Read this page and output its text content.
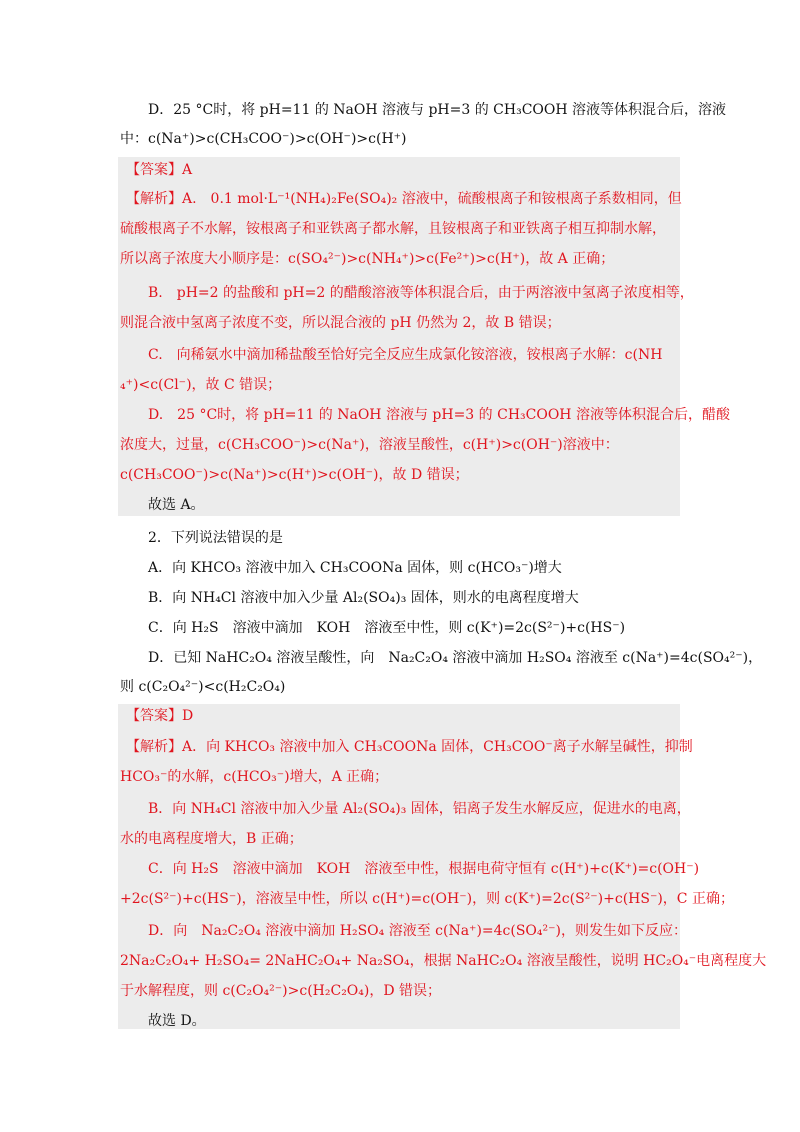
D．25 °C时，将 pH=11 的 NaOH 溶液与 pH=3 的 CH₃COOH 溶液等体积混合后，溶液
中：c(Na⁺)>c(CH₃COO⁻)>c(OH⁻)>c(H⁺)
【答案】A
【解析】A.　0.1 mol·L⁻¹(NH₄)₂Fe(SO₄)₂ 溶液中，硫酸根离子和铵根离子系数相同，但
硫酸根离子不水解，铵根离子和亚铁离子都水解，且铵根离子和亚铁离子相互抑制水解，
所以离子浓度大小顺序是：c(SO₄²⁻)>c(NH₄⁺)>c(Fe²⁺)>c(H⁺)，故 A 正确；
B.　pH=2 的盐酸和 pH=2 的醋酸溶液等体积混合后，由于两溶液中氢离子浓度相等，
则混合液中氢离子浓度不变，所以混合液的 pH 仍然为 2，故 B 错误；
C.　向稀氨水中滴加稀盐酸至恰好完全反应生成氯化铵溶液，铵根离子水解：c(NH
₄⁺)<c(Cl⁻)，故 C 错误；
D.　25 °C时，将 pH=11 的 NaOH 溶液与 pH=3 的 CH₃COOH 溶液等体积混合后，醋酸
浓度大，过量，c(CH₃COO⁻)>c(Na⁺)，溶液呈酸性，c(H⁺)>c(OH⁻)溶液中：
c(CH₃COO⁻)>c(Na⁺)>c(H⁺)>c(OH⁻)，故 D 错误；
故选 A。
2．下列说法错误的是
A．向 KHCO₃ 溶液中加入 CH₃COONa 固体，则 c(HCO₃⁻)增大
B．向 NH₄Cl 溶液中加入少量 Al₂(SO₄)₃ 固体，则水的电离程度增大
C．向 H₂S　溶液中滴加　KOH　溶液至中性，则 c(K⁺)=2c(S²⁻)+c(HS⁻)
D．已知 NaHC₂O₄ 溶液呈酸性，向　Na₂C₂O₄ 溶液中滴加 H₂SO₄ 溶液至 c(Na⁺)=4c(SO₄²⁻)，
则 c(C₂O₄²⁻)<c(H₂C₂O₄)
【答案】D
【解析】A．向 KHCO₃ 溶液中加入 CH₃COONa 固体，CH₃COO⁻离子水解呈碱性，抑制
HCO₃⁻的水解，c(HCO₃⁻)增大，A 正确；
B．向 NH₄Cl 溶液中加入少量 Al₂(SO₄)₃ 固体，铝离子发生水解反应，促进水的电离，
水的电离程度增大，B 正确；
C．向 H₂S　溶液中滴加　KOH　溶液至中性，根据电荷守恒有 c(H⁺)+c(K⁺)=c(OH⁻)
+2c(S²⁻)+c(HS⁻)，溶液呈中性，所以 c(H⁺)=c(OH⁻)，则 c(K⁺)=2c(S²⁻)+c(HS⁻)，C 正确；
D．向　Na₂C₂O₄ 溶液中滴加 H₂SO₄ 溶液至 c(Na⁺)=4c(SO₄²⁻)，则发生如下反应：
2Na₂C₂O₄+ H₂SO₄= 2NaHC₂O₄+ Na₂SO₄，根据 NaHC₂O₄ 溶液呈酸性，说明 HC₂O₄⁻电离程度大
于水解程度，则 c(C₂O₄²⁻)>c(H₂C₂O₄)，D 错误；
故选 D。
